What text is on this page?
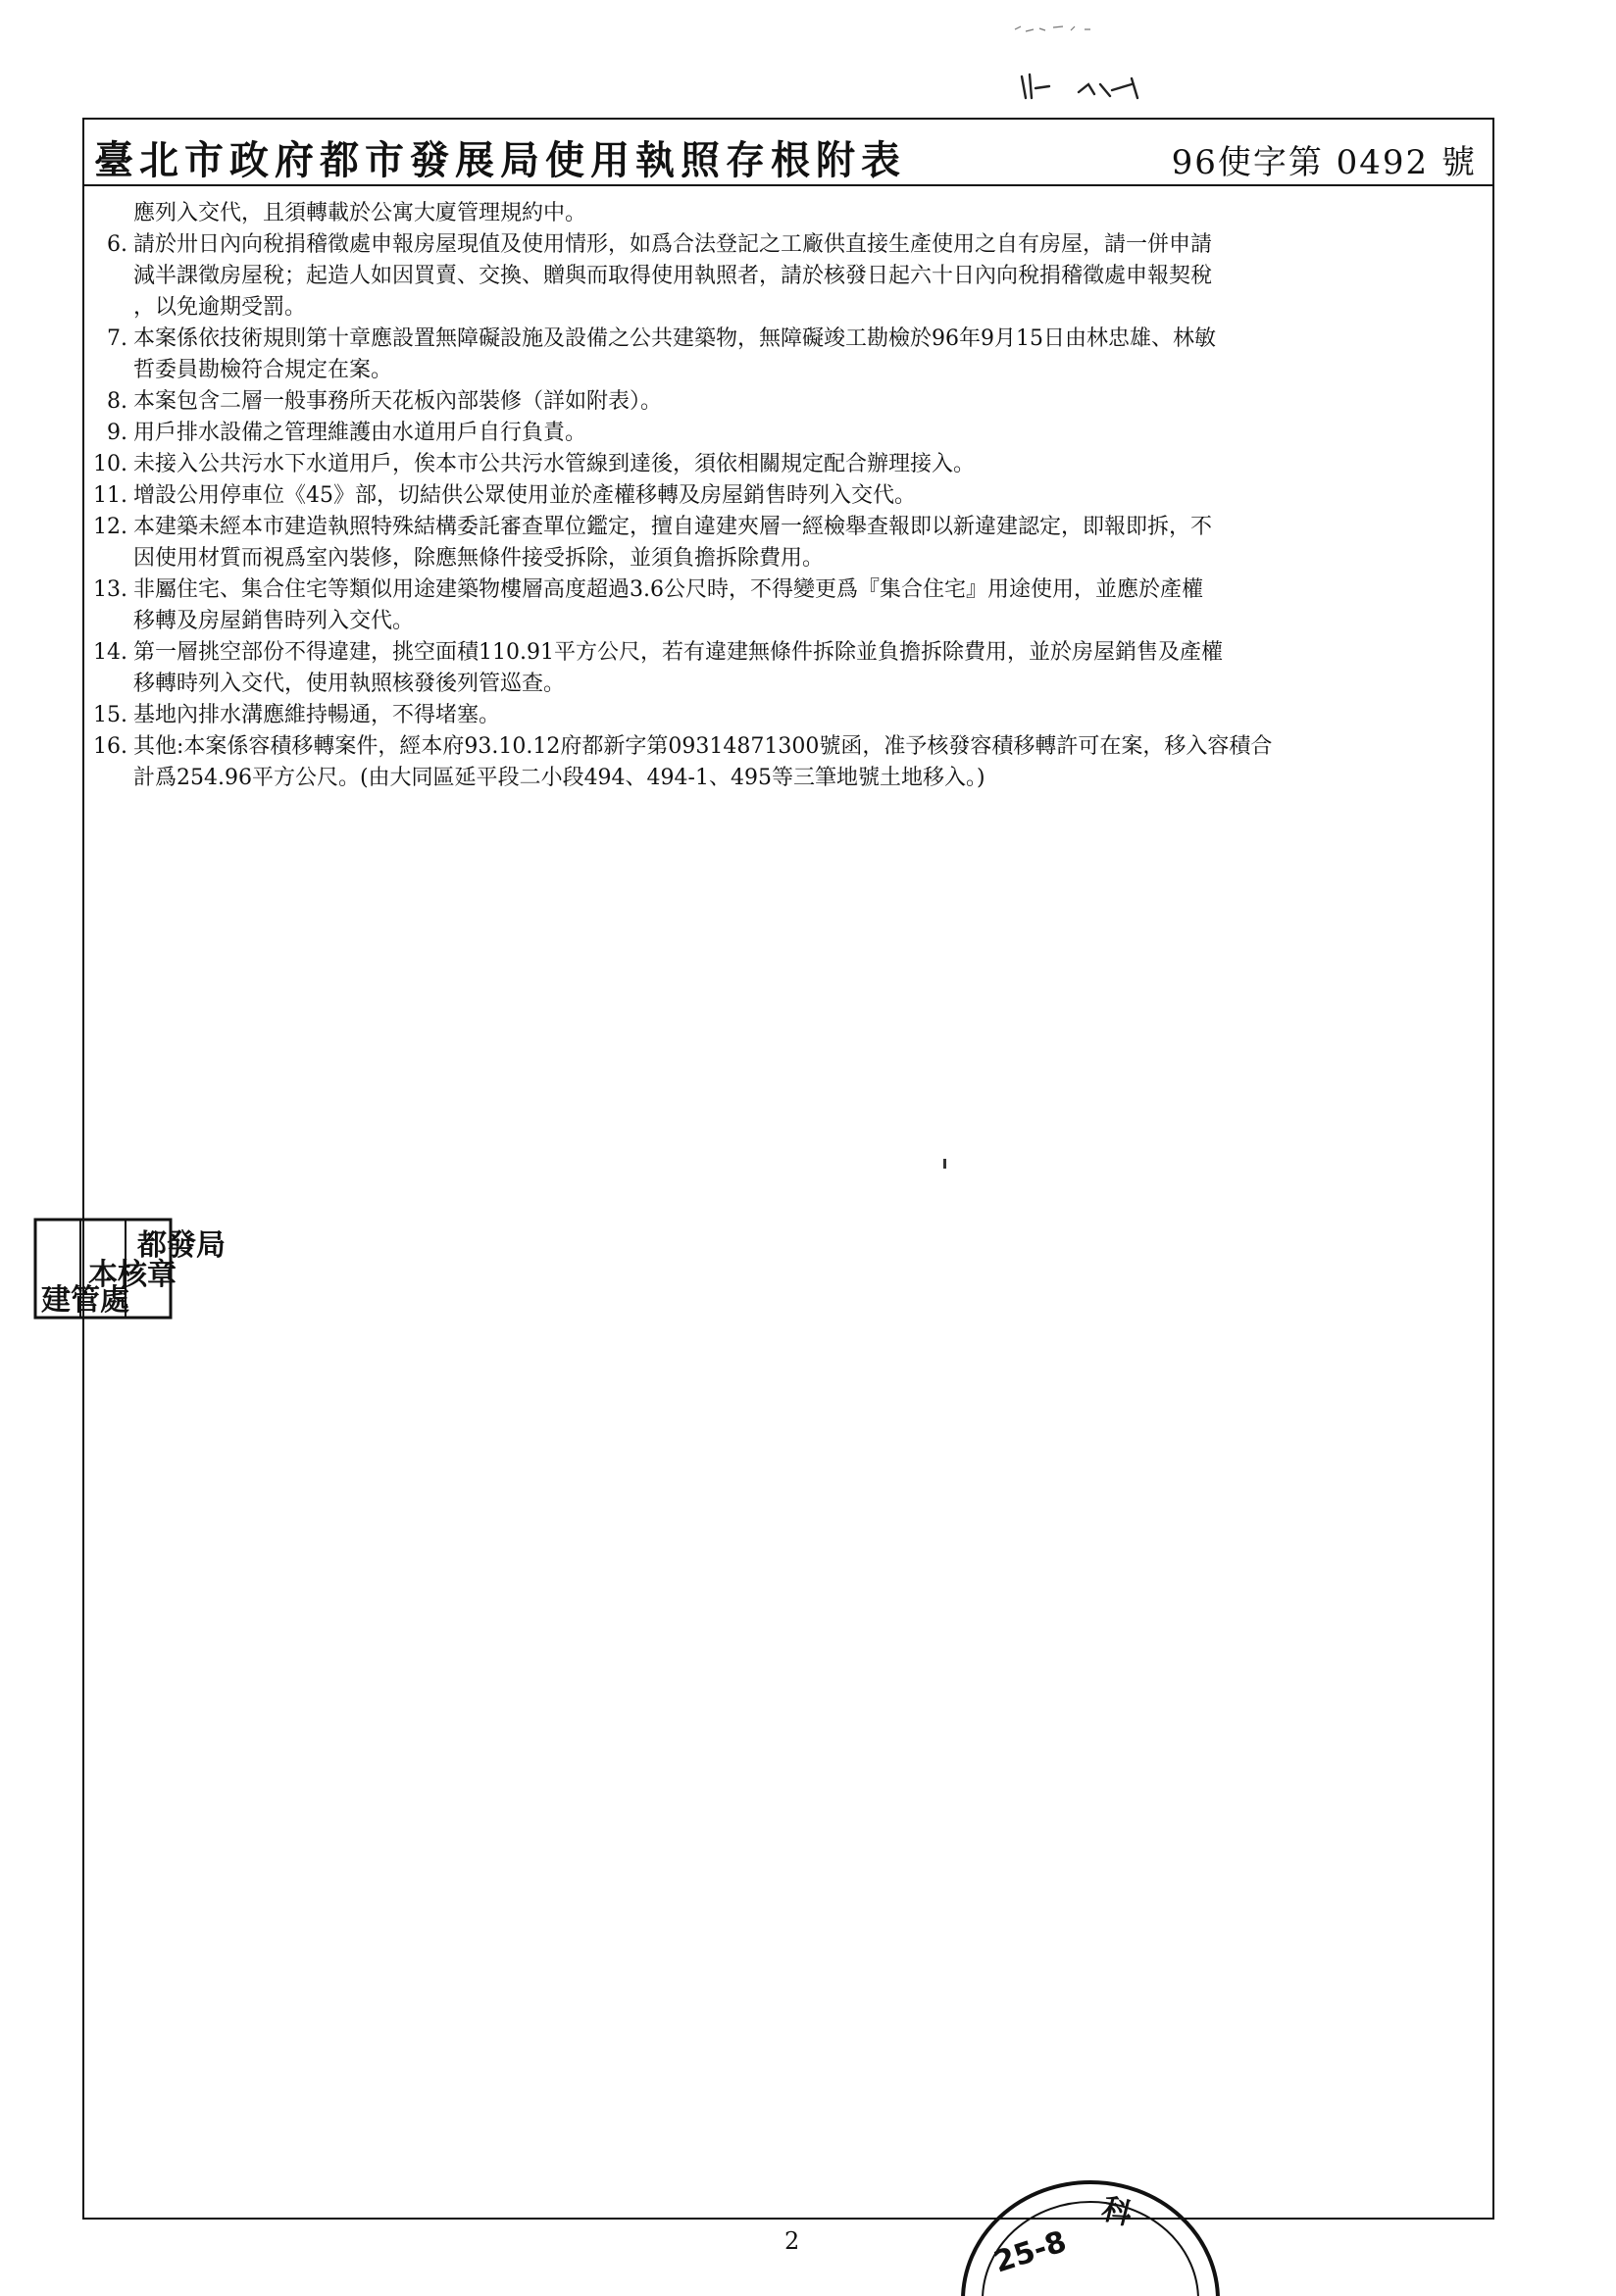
臺北市政府都市發展局使用執照存根附表	96使字第 0492 號
應列入交代，且須轉載於公寓大廈管理規約中。
6. 請於卅日內向稅捐稽徵處申報房屋現值及使用情形，如爲合法登記之工廠供直接生產使用之自有房屋，請一併申請
減半課徵房屋稅；起造人如因買賣、交換、贈與而取得使用執照者，請於核發日起六十日內向稅捐稽徵處申報契稅
，以免逾期受罰。
7. 本案係依技術規則第十章應設置無障礙設施及設備之公共建築物，無障礙竣工勘檢於96年9月15日由林忠雄、林敏
哲委員勘檢符合規定在案。
8. 本案包含二層一般事務所天花板內部裝修（詳如附表）。
9. 用戶排水設備之管理維護由水道用戶自行負責。
10. 未接入公共污水下水道用戶，俟本市公共污水管線到達後，須依相關規定配合辦理接入。
11. 增設公用停車位《45》部，切結供公眾使用並於產權移轉及房屋銷售時列入交代。
12. 本建築未經本市建造執照特殊結構委託審查單位鑑定，擅自違建夾層一經檢舉查報即以新違建認定，即報即拆，不
因使用材質而視爲室內裝修，除應無條件接受拆除，並須負擔拆除費用。
13. 非屬住宅、集合住宅等類似用途建築物樓層高度超過3.6公尺時，不得變更爲『集合住宅』用途使用，並應於產權
移轉及房屋銷售時列入交代。
14. 第一層挑空部份不得違建，挑空面積110.91平方公尺，若有違建無條件拆除並負擔拆除費用，並於房屋銷售及產權
移轉時列入交代，使用執照核發後列管巡查。
15. 基地內排水溝應維持暢通，不得堵塞。
16. 其他:本案係容積移轉案件，經本府93.10.12府都新字第09314871300號函，准予核發容積移轉許可在案，移入容積合
計爲254.96平方公尺。(由大同區延平段二小段494、494-1、495等三筆地號土地移入。)
都發局
本核章
建管處
2	25-8
科
